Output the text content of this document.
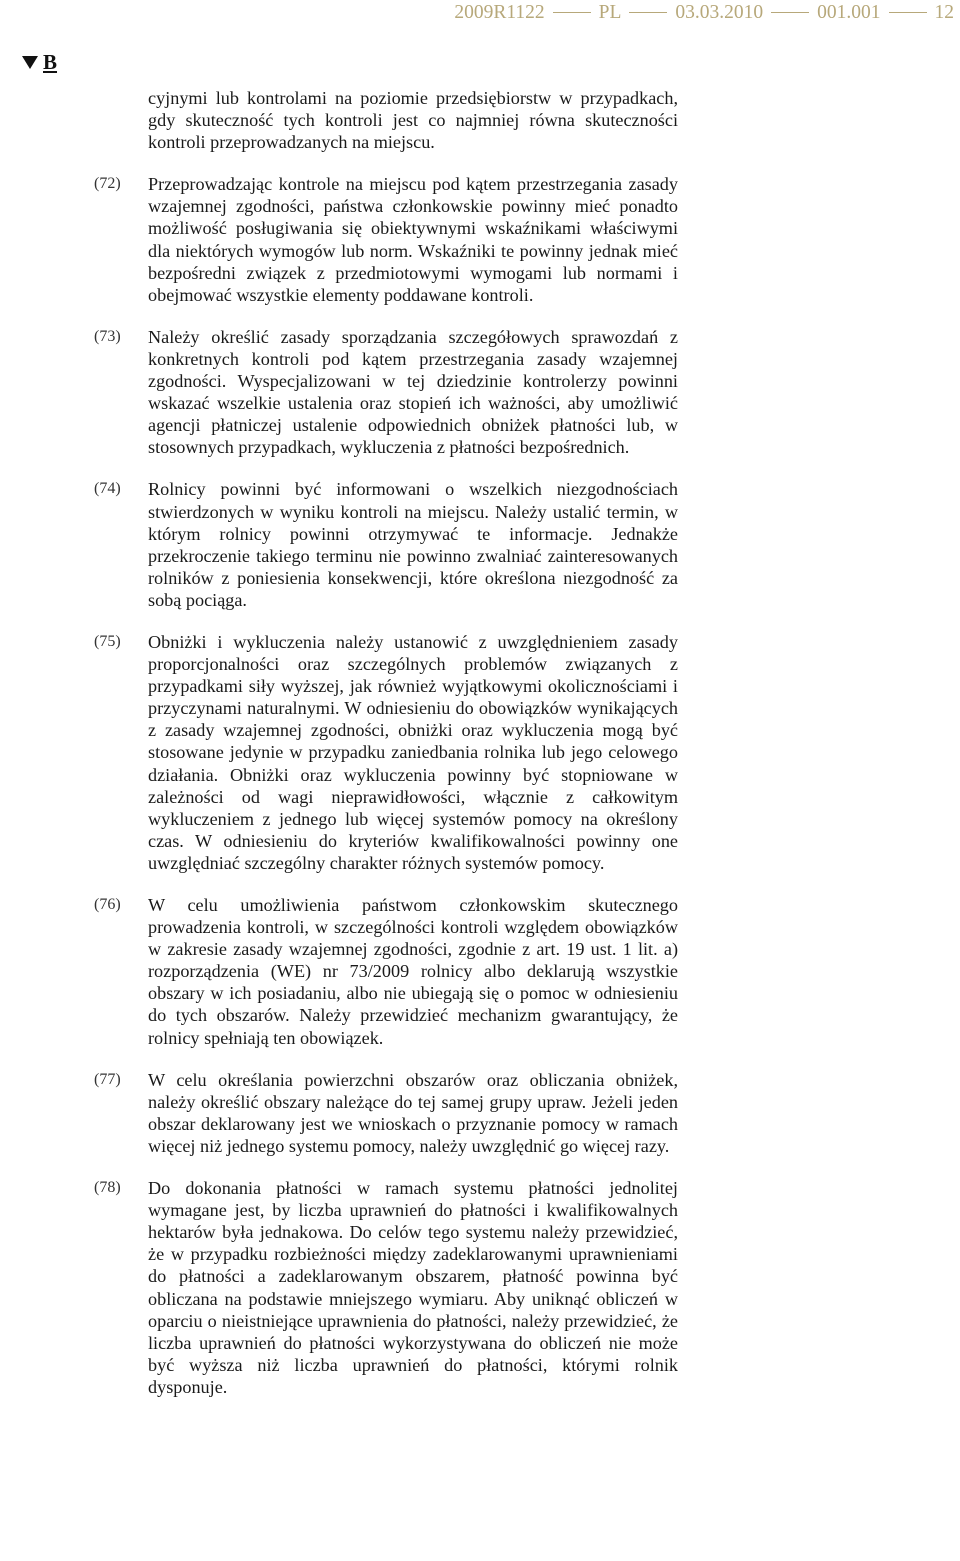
2009R1122	PL	03.03.2010	001.001	12
B
cyjnymi lub kontrolami na poziomie przedsiębiorstw w przypadkach, gdy skuteczność tych kontroli jest co najmniej równa skuteczności kontroli przeprowadzanych na miejscu.
(72)	Przeprowadzając kontrole na miejscu pod kątem przestrzegania zasady wzajemnej zgodności, państwa członkowskie powinny mieć ponadto możliwość posługiwania się obiektywnymi wskaźnikami właściwymi dla niektórych wymogów lub norm. Wskaźniki te powinny jednak mieć bezpośredni związek z przedmiotowymi wymogami lub normami i obejmować wszystkie elementy poddawane kontroli.
(73)	Należy określić zasady sporządzania szczegółowych sprawozdań z konkretnych kontroli pod kątem przestrzegania zasady wzajemnej zgodności. Wyspecjalizowani w tej dziedzinie kontrolerzy powinni wskazać wszelkie ustalenia oraz stopień ich ważności, aby umożliwić agencji płatniczej ustalenie odpowiednich obniżek płatności lub, w stosownych przypadkach, wykluczenia z płatności bezpośrednich.
(74)	Rolnicy powinni być informowani o wszelkich niezgodnościach stwierdzonych w wyniku kontroli na miejscu. Należy ustalić termin, w którym rolnicy powinni otrzymywać te informacje. Jednakże przekroczenie takiego terminu nie powinno zwalniać zainteresowanych rolników z poniesienia konsekwencji, które określona niezgodność za sobą pociąga.
(75)	Obniżki i wykluczenia należy ustanowić z uwzględnieniem zasady proporcjonalności oraz szczególnych problemów związanych z przypadkami siły wyższej, jak również wyjątkowymi okolicznościami i przyczynami naturalnymi. W odniesieniu do obowiązków wynikających z zasady wzajemnej zgodności, obniżki oraz wykluczenia mogą być stosowane jedynie w przypadku zaniedbania rolnika lub jego celowego działania. Obniżki oraz wykluczenia powinny być stopniowane w zależności od wagi nieprawidłowości, włącznie z całkowitym wykluczeniem z jednego lub więcej systemów pomocy na określony czas. W odniesieniu do kryteriów kwalifikowalności powinny one uwzględniać szczególny charakter różnych systemów pomocy.
(76)	W celu umożliwienia państwom członkowskim skutecznego prowadzenia kontroli, w szczególności kontroli względem obowiązków w zakresie zasady wzajemnej zgodności, zgodnie z art. 19 ust. 1 lit. a) rozporządzenia (WE) nr 73/2009 rolnicy albo deklarują wszystkie obszary w ich posiadaniu, albo nie ubiegają się o pomoc w odniesieniu do tych obszarów. Należy przewidzieć mechanizm gwarantujący, że rolnicy spełniają ten obowiązek.
(77)	W celu określania powierzchni obszarów oraz obliczania obniżek, należy określić obszary należące do tej samej grupy upraw. Jeżeli jeden obszar deklarowany jest we wnioskach o przyznanie pomocy w ramach więcej niż jednego systemu pomocy, należy uwzględnić go więcej razy.
(78)	Do dokonania płatności w ramach systemu płatności jednolitej wymagane jest, by liczba uprawnień do płatności i kwalifikowalnych hektarów była jednakowa. Do celów tego systemu należy przewidzieć, że w przypadku rozbieżności między zadeklarowanymi uprawnieniami do płatności a zadeklarowanym obszarem, płatność powinna być obliczana na podstawie mniejszego wymiaru. Aby uniknąć obliczeń w oparciu o nieistniejące uprawnienia do płatności, należy przewidzieć, że liczba uprawnień do płatności wykorzystywana do obliczeń nie może być wyższa niż liczba uprawnień do płatności, którymi rolnik dysponuje.
